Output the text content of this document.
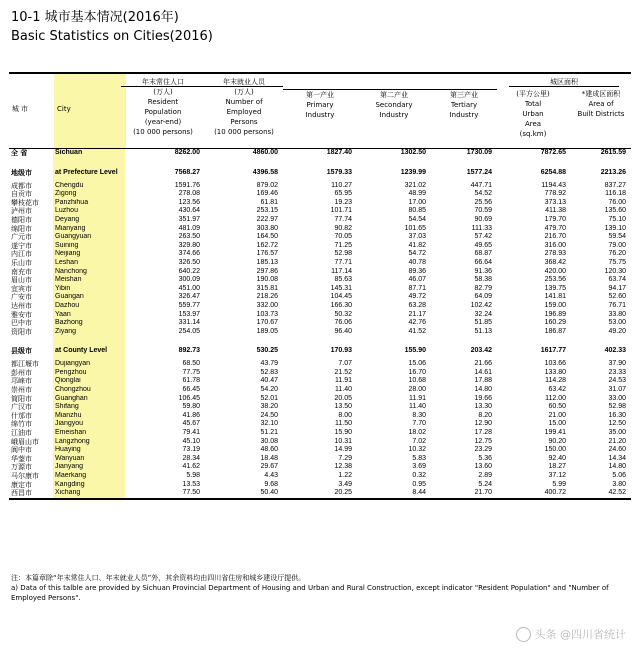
10-1 城市基本情况(2016年)
Basic Statistics on Cities(2016)
城 市	City
年末常住人口
(万人)
Resident
Population
(year-end)
(10 000 persons)
年末就业人员
(万人)
Number of
Employed
Persons
(10 000 persons)
第一产业
Primary
Industry
第二产业
Secondary
Industry
第三产业
Tertiary
Industry
城区面积
(平方公里)
Total
Urban
Area
(sq.km)
*建成区面积
Area of
Built Districts
全 省	Sichuan	8262.00	4860.00	1827.40	1302.50	1730.09	7872.65	2615.59

地级市	at Prefecture Level	7568.27	4396.58	1579.33	1239.99	1577.24	6254.88	2213.26
成都市	Chengdu	1591.76	879.02	110.27	321.02	447.71	1194.43	837.27
自贡市	Zigong	278.08	169.46	65.95	48.99	54.52	778.92	116.18
攀枝花市	Panzhihua	123.56	61.81	19.23	17.00	25.56	373.13	76.00
泸州市	Luzhou	430.64	253.15	101.71	80.85	70.59	411.38	135.60
德阳市	Deyang	351.97	222.97	77.74	54.54	90.69	179.70	75.10
绵阳市	Mianyang	481.09	303.80	90.82	101.65	111.33	479.70	139.10
广元市	Guangyuan	263.50	164.50	70.05	37.03	57.42	216.70	59.54
遂宁市	Suining	329.80	162.72	71.25	41.82	49.65	316.00	79.00
内江市	Neijiang	374.66	176.57	52.98	54.72	68.87	278.93	76.20
乐山市	Leshan	326.50	185.13	77.71	40.78	66.64	368.42	75.75
南充市	Nanchong	640.22	297.86	117.14	89.36	91.36	420.00	120.30
眉山市	Meishan	300.09	190.08	85.63	46.07	58.38	253.56	63.74
宜宾市	Yibin	451.00	315.81	145.31	87.71	82.79	139.75	94.17
广安市	Guangan	326.47	218.26	104.45	49.72	64.09	141.81	52.60
达州市	Dazhou	559.77	332.00	166.30	63.28	102.42	159.00	76.71
雅安市	Yaan	153.97	103.73	50.32	21.17	32.24	196.89	33.80
巴中市	Bazhong	331.14	170.67	76.06	42.76	51.85	160.29	53.00
资阳市	Ziyang	254.05	189.05	96.40	41.52	51.13	186.87	49.20

县级市	at County Level	892.73	530.25	170.93	155.90	203.42	1617.77	402.33
都江堰市	Dujiangyan	68.50	43.79	7.07	15.06	21.66	103.66	37.90
彭州市	Pengzhou	77.75	52.83	21.52	16.70	14.61	133.80	23.33
邛崃市	Qionglai	61.78	40.47	11.91	10.68	17.88	114.28	24.53
崇州市	Chongzhou	66.45	54.20	11.40	28.00	14.80	63.42	31.07
简阳市	Guanghan	106.45	52.01	20.05	11.91	19.66	112.00	33.00
广汉市	Shifang	59.80	38.20	13.50	11.40	13.30	60.50	52.98
什邡市	Mianzhu	41.86	24.50	8.00	8.30	8.20	21.00	16.30
绵竹市	Jiangyou	45.67	32.10	11.50	7.70	12.90	15.00	12.50
江油市	Emeishan	79.41	51.21	15.90	18.02	17.28	199.41	35.00
峨眉山市	Langzhong	45.10	30.08	10.31	7.02	12.75	90.20	21.20
阆中市	Huaying	73.19	48.60	14.99	10.32	23.29	150.00	24.60
华蓥市	Wanyuan	28.34	18.48	7.29	5.83	5.36	92.40	14.34
万源市	Jianyang	41.62	29.67	12.38	3.69	13.60	18.27	14.80
马尔康市	Maerkang	5.98	4.43	1.22	0.32	2.89	37.12	5.06
康定市	Kangding	13.53	9.68	3.49	0.95	5.24	5.99	3.80
西昌市	Xichang	77.50	50.40	20.25	8.44	21.70	400.72	42.52
注：本篇章除“年末常住人口、年末就业人员”外，其余资料均由四川省住房和城乡建设厅提供。
a) Data of this talble are provided by Sichuan Provincial Department of Housing and Urban and Rural Construction, except indicator "Resident Population" and "Number of Employed Persons".
头条 @四川省统计
